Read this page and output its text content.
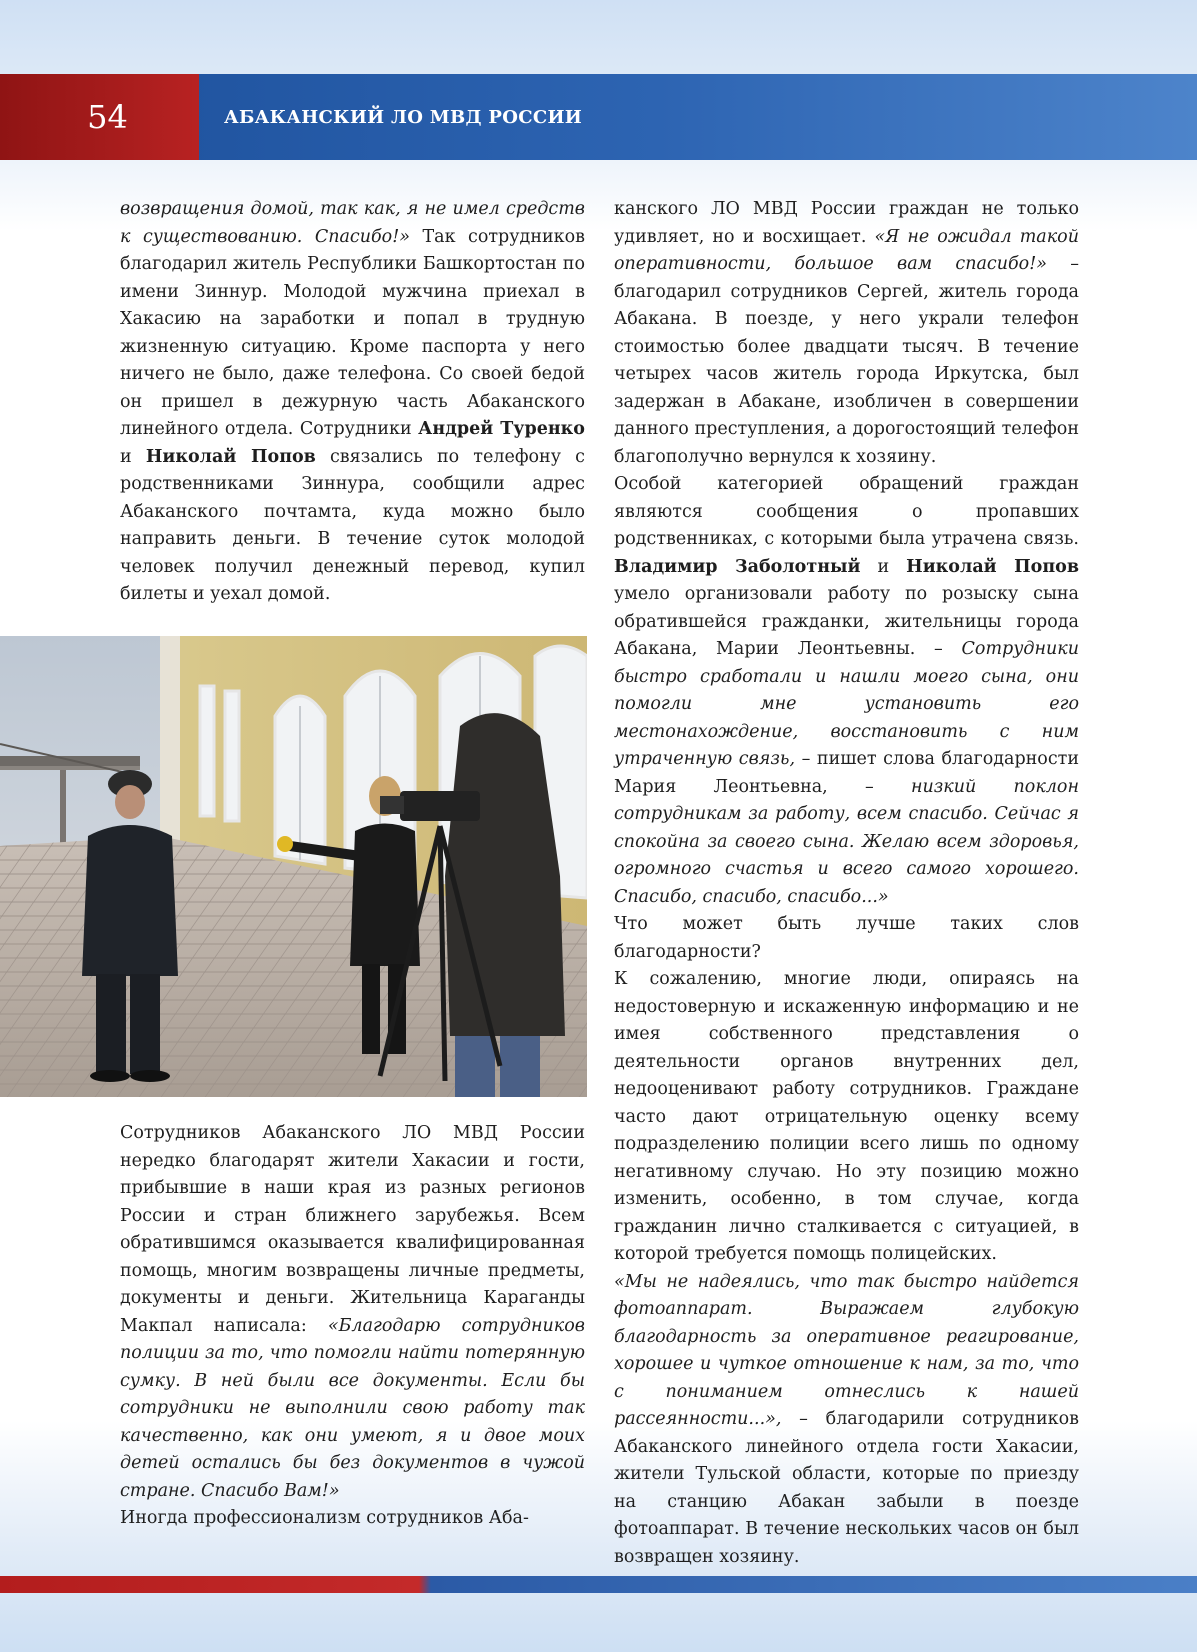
54	АБАКАНСКИЙ ЛО МВД РОССИИ

возвращения домой, так как, я не имел средств к существованию. Спасибо!» Так сотрудников благодарил житель Республики Башкортостан по имени Зиннур. Молодой мужчина приехал в Хакасию на заработки и попал в трудную жизненную ситуацию. Кроме паспорта у него ничего не было, даже телефона. Со своей бедой он пришел в дежурную часть Абаканского линейного отдела. Сотрудники Андрей Туренко и Николай Попов связались по телефону с родственниками Зиннура, сообщили адрес Абаканского почтамта, куда можно было направить деньги. В течение суток молодой человек получил денежный перевод, купил билеты и уехал домой.

Сотрудников Абаканского ЛО МВД России нередко благодарят жители Хакасии и гости, прибывшие в наши края из разных регионов России и стран ближнего зарубежья. Всем обратившимся оказывается квалифицированная помощь, многим возвращены личные предметы, документы и деньги. Жительница Караганды Макпал написала: «Благодарю сотрудников полиции за то, что помогли найти потерянную сумку. В ней были все документы. Если бы сотрудники не выполнили свою работу так качественно, как они умеют, я и двое моих детей остались бы без документов в чужой стране. Спасибо Вам!»

Иногда профессионализм сотрудников Аба-

канского ЛО МВД России граждан не только удивляет, но и восхищает. «Я не ожидал такой оперативности, большое вам спасибо!» – благодарил сотрудников Сергей, житель города Абакана. В поезде, у него украли телефон стоимостью более двадцати тысяч. В течение четырех часов житель города Иркутска, был задержан в Абакане, изобличен в совершении данного преступления, а дорогостоящий телефон благополучно вернулся к хозяину.

Особой категорией обращений граждан являются сообщения о пропавших родственниках, с которыми была утрачена связь. Владимир Заболотный и Николай Попов умело организовали работу по розыску сына обратившейся гражданки, жительницы города Абакана, Марии Леонтьевны. – Сотрудники быстро сработали и нашли моего сына, они помогли мне установить его местонахождение, восстановить с ним утраченную связь, – пишет слова благодарности Мария Леонтьевна, – низкий поклон сотрудникам за работу, всем спасибо. Сейчас я спокойна за своего сына. Желаю всем здоровья, огромного счастья и всего самого хорошего. Спасибо, спасибо, спасибо...»

Что может быть лучше таких слов благодарности?

К сожалению, многие люди, опираясь на недостоверную и искаженную информацию и не имея собственного представления о деятельности органов внутренних дел, недооценивают работу сотрудников. Граждане часто дают отрицательную оценку всему подразделению полиции всего лишь по одному негативному случаю. Но эту позицию можно изменить, особенно, в том случае, когда гражданин лично сталкивается с ситуацией, в которой требуется помощь полицейских.

«Мы не надеялись, что так быстро найдется фотоаппарат. Выражаем глубокую благодарность за оперативное реагирование, хорошее и чуткое отношение к нам, за то, что с пониманием отнеслись к нашей рассеянности...», – благодарили сотрудников Абаканского линейного отдела гости Хакасии, жители Тульской области, которые по приезду на станцию Абакан забыли в поезде фотоаппарат. В течение нескольких часов он был возвращен хозяину.
